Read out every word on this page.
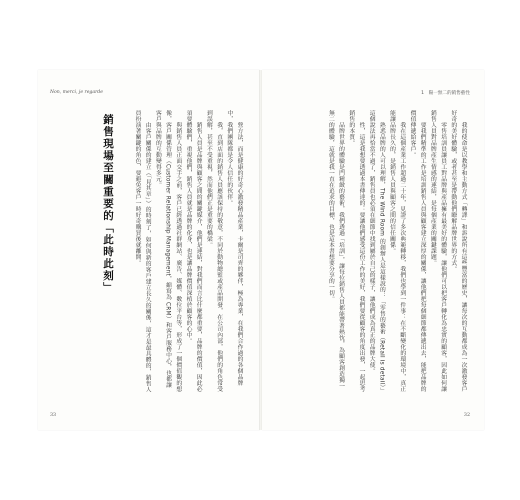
Non, merci, je regarde

營方法，而是健康的好奇心激發精品產業，卡爾是司齊的夥伴，極為專業，在我們合作過的各個品牌中，我們團隊都是令人信任的伙伴。

我，直到店面的銷售人員應該保持的敬意，不同於動物總監或產品開發，在公司內部，他們的角色常受到誤解，甚至不受重視，然而他們正是重要的橋梁。

銷售人員是品牌與顧客之間的關鍵媒介，他們是連結，對我們而言比什麼都重要，品牌的價值，因此必須要體驗們，重視他們，銷售人員就是品牌的化身，也是讓品牌價值深植於顧客的心中。

與銷售人員正面交手之前，客戶已經透過社群網站、廣告、媒體、數位平台等，形成了一個價值觀的想像，客戶關係管理（Customer Relationship Management，縮寫為 CRM）和客戶服務中心，也都讓客戶與品牌的互動變得多元。

由客戶關係的建立（「見其章」）的時刻了，如何與新的客戶建立長久的關係，這才是最具體的，銷售人員扮演著關鍵的角色，要避免客戶一時好奇購買後就離開。

銷售現場至關重要的「此時此刻」
33
1　陽一無二的銷售藝性

我的使命是以教學和主動方式「轉譯」和訴說所有這些豐富的歷史，讓每次的互動都成為一次激發客戶好奇的美好體驗，或者甚至是帶動他們瞭解品牌世界的方式。

零售培訓員讓員工對品牌與產品擁有最美好的體驗，讓他們可以把客戶轉化為忠實的顧客，因此如何讓銷售人員對品牌產生情感的連結，是每個產業的關鍵課題。

要我們精準的工作是培訓銷售人員與顧客建立深厚的關係，讓他們把每個細節都傳遞出去，能把品牌的價值傳遞給客戶。

我在這個產業工作超過二十年，見證了多次典範轉移，我們也學到一件事：在不斷變化的環境中，真正能讓品牌長久的，是銷售人員與顧客之間的信任關係。

熟悉品牌的人可以理解，The Wind Room 的創辦人是這樣說的：「零售的藝術（Retail is detail）」這個說法再恰當不過了，銷售員也必須在細節中找到屬於自己的樣子，讓他們成為真正的品牌大使。

性，這是我想要透過本書傳達的：要讓他們感受這份工作的美好，我們要從顧客的角度出發，一起思考銷售的本質。

品牌世界的體驗是門精緻的藝術，我們透過「培訓」，讓每位銷售人員都能帶著熱忱，為顧客創造獨一無二的體驗，這就是我一直在追求的目標，也是這本書想要分享的一切。

32
